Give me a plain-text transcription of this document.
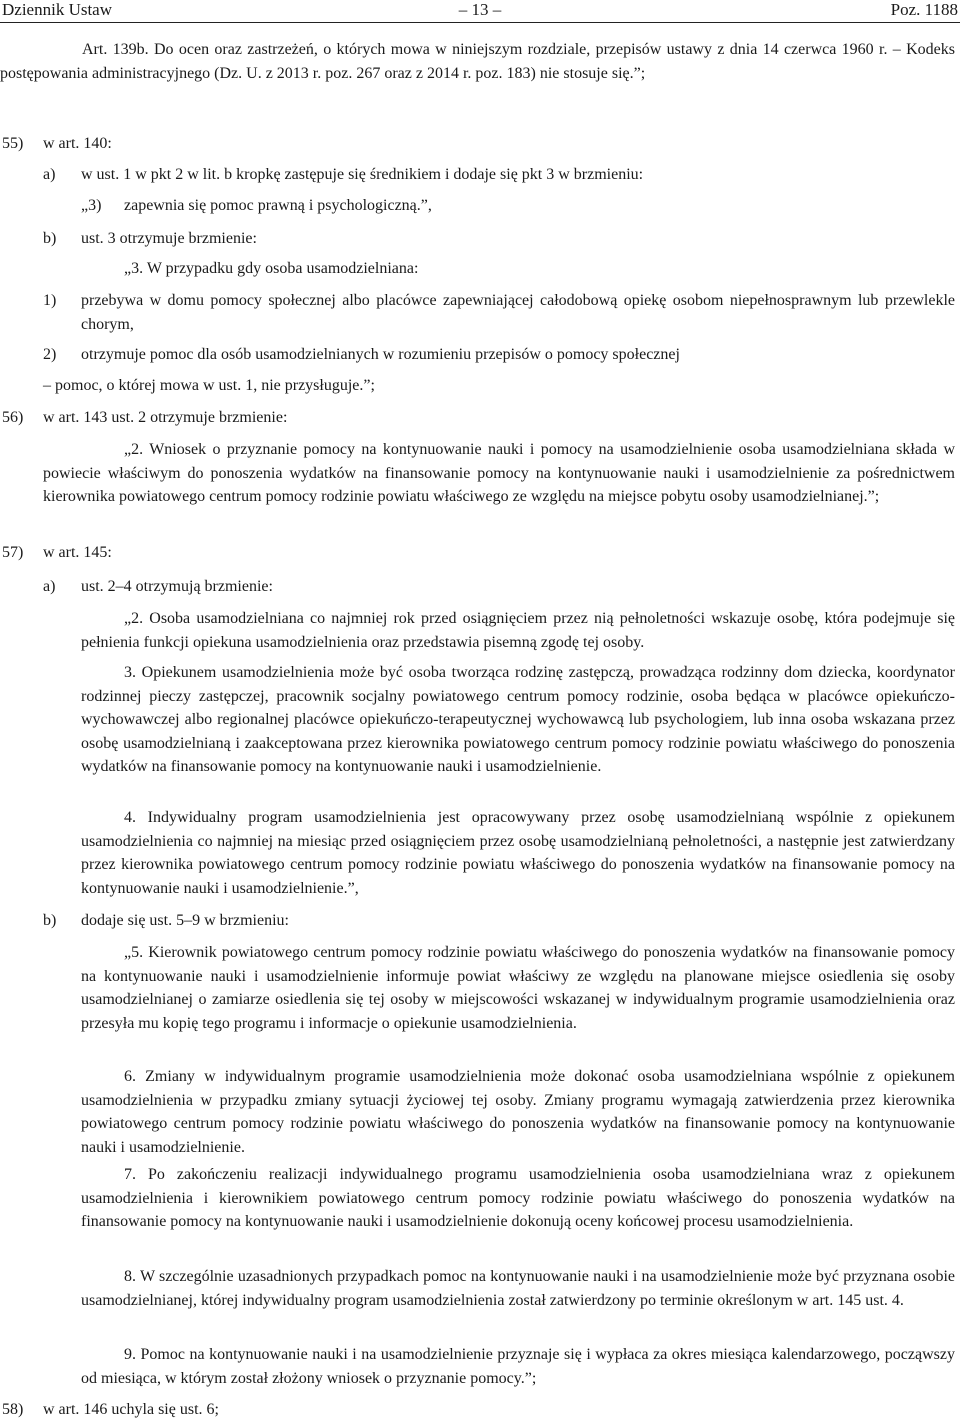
Dziennik Ustaw	– 13 –	Poz. 1188
Art. 139b. Do ocen oraz zastrzeżeń, o których mowa w niniejszym rozdziale, przepisów ustawy z dnia 14 czerwca 1960 r. – Kodeks postępowania administracyjnego (Dz. U. z 2013 r. poz. 267 oraz z 2014 r. poz. 183) nie stosuje się.”;
55) w art. 140:
a) w ust. 1 w pkt 2 w lit. b kropkę zastępuje się średnikiem i dodaje się pkt 3 w brzmieniu:
„3) zapewnia się pomoc prawną i psychologiczną.”,
b) ust. 3 otrzymuje brzmienie:
„3. W przypadku gdy osoba usamodzielniana:
1) przebywa w domu pomocy społecznej albo placówce zapewniającej całodobową opiekę osobom niepełnosprawnym lub przewlekle chorym,
2) otrzymuje pomoc dla osób usamodzielnianych w rozumieniu przepisów o pomocy społecznej
– pomoc, o której mowa w ust. 1, nie przysługuje.”;
56) w art. 143 ust. 2 otrzymuje brzmienie:
„2. Wniosek o przyznanie pomocy na kontynuowanie nauki i pomocy na usamodzielnienie osoba usamodzielniana składa w powiecie właściwym do ponoszenia wydatków na finansowanie pomocy na kontynuowanie nauki i usamodzielnienie za pośrednictwem kierownika powiatowego centrum pomocy rodzinie powiatu właściwego ze względu na miejsce pobytu osoby usamodzielnianej.”;
57) w art. 145:
a) ust. 2–4 otrzymują brzmienie:
„2. Osoba usamodzielniana co najmniej rok przed osiągnięciem przez nią pełnoletności wskazuje osobę, która podejmuje się pełnienia funkcji opiekuna usamodzielnienia oraz przedstawia pisemną zgodę tej osoby.
3. Opiekunem usamodzielnienia może być osoba tworząca rodzinę zastępczą, prowadząca rodzinny dom dziecka, koordynator rodzinnej pieczy zastępczej, pracownik socjalny powiatowego centrum pomocy rodzinie, osoba będąca w placówce opiekuńczo-wychowawczej albo regionalnej placówce opiekuńczo-terapeutycznej wychowawcą lub psychologiem, lub inna osoba wskazana przez osobę usamodzielnianą i zaakceptowana przez kierownika powiatowego centrum pomocy rodzinie powiatu właściwego do ponoszenia wydatków na finansowanie pomocy na kontynuowanie nauki i usamodzielnienie.
4. Indywidualny program usamodzielnienia jest opracowywany przez osobę usamodzielnianą wspólnie z opiekunem usamodzielnienia co najmniej na miesiąc przed osiągnięciem przez osobę usamodzielnianą pełnoletności, a następnie jest zatwierdzany przez kierownika powiatowego centrum pomocy rodzinie powiatu właściwego do ponoszenia wydatków na finansowanie pomocy na kontynuowanie nauki i usamodzielnienie.”,
b) dodaje się ust. 5–9 w brzmieniu:
„5. Kierownik powiatowego centrum pomocy rodzinie powiatu właściwego do ponoszenia wydatków na finansowanie pomocy na kontynuowanie nauki i usamodzielnienie informuje powiat właściwy ze względu na planowane miejsce osiedlenia się osoby usamodzielnianej o zamiarze osiedlenia się tej osoby w miejscowości wskazanej w indywidualnym programie usamodzielnienia oraz przesyła mu kopię tego programu i informacje o opiekunie usamodzielnienia.
6. Zmiany w indywidualnym programie usamodzielnienia może dokonać osoba usamodzielniana wspólnie z opiekunem usamodzielnienia w przypadku zmiany sytuacji życiowej tej osoby. Zmiany programu wymagają zatwierdzenia przez kierownika powiatowego centrum pomocy rodzinie powiatu właściwego do ponoszenia wydatków na finansowanie pomocy na kontynuowanie nauki i usamodzielnienie.
7. Po zakończeniu realizacji indywidualnego programu usamodzielnienia osoba usamodzielniana wraz z opiekunem usamodzielnienia i kierownikiem powiatowego centrum pomocy rodzinie powiatu właściwego do ponoszenia wydatków na finansowanie pomocy na kontynuowanie nauki i usamodzielnienie dokonują oceny końcowej procesu usamodzielnienia.
8. W szczególnie uzasadnionych przypadkach pomoc na kontynuowanie nauki i na usamodzielnienie może być przyznana osobie usamodzielnianej, której indywidualny program usamodzielnienia został zatwierdzony po terminie określonym w art. 145 ust. 4.
9. Pomoc na kontynuowanie nauki i na usamodzielnienie przyznaje się i wypłaca za okres miesiąca kalendarzowego, począwszy od miesiąca, w którym został złożony wniosek o przyznanie pomocy.”;
58) w art. 146 uchyla się ust. 6;
